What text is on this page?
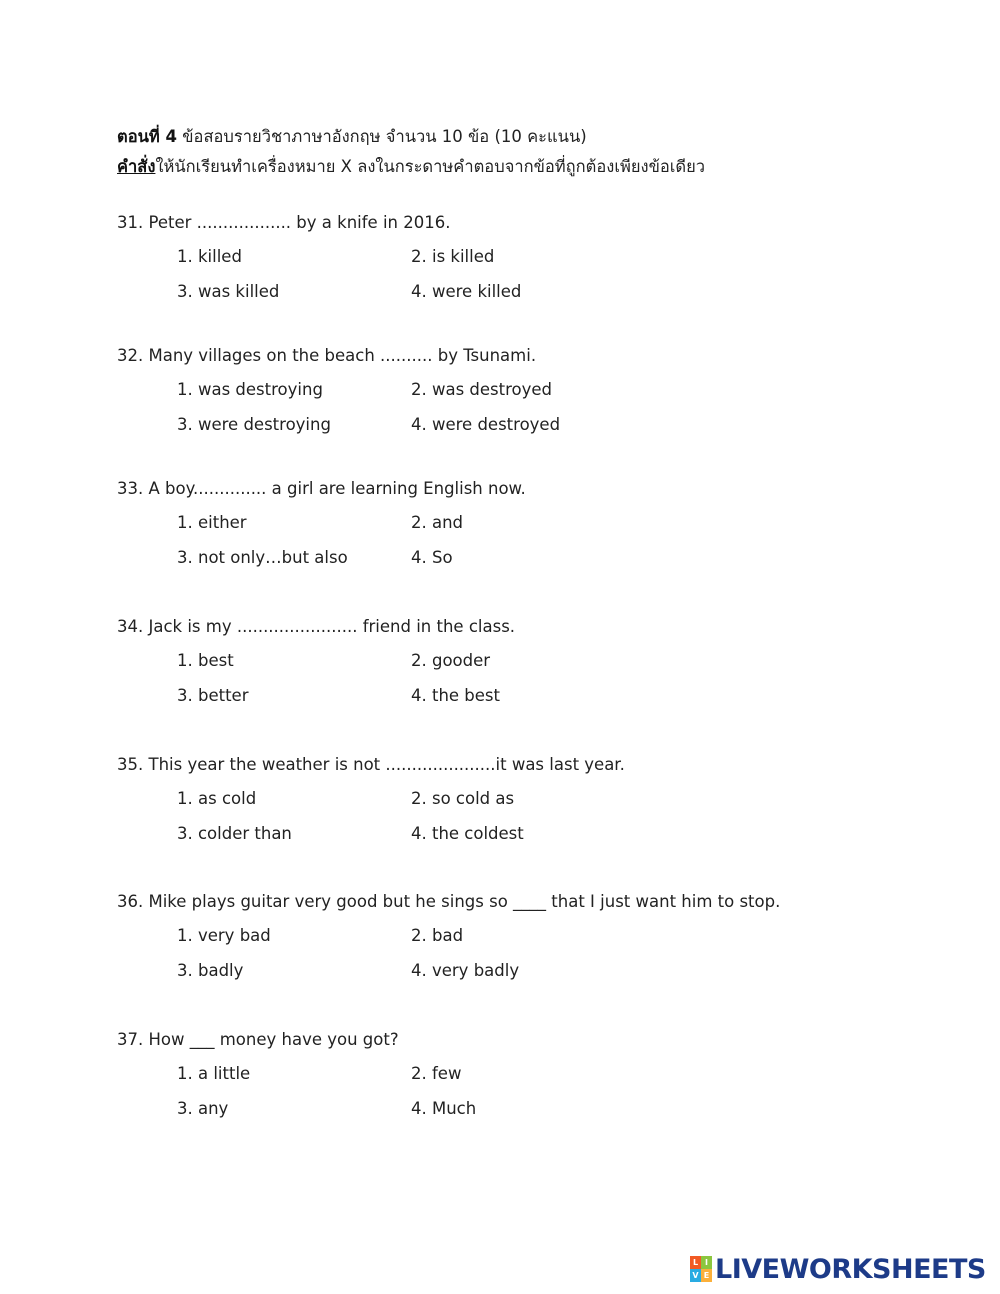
ตอนที่ 4 ข้อสอบรายวิชาภาษาอังกฤษ จำนวน 10 ข้อ (10 คะแนน)
คำสั่งให้นักเรียนทำเครื่องหมาย X ลงในกระดาษคำตอบจากข้อที่ถูกต้องเพียงข้อเดียว
31. Peter .................. by a knife in 2016.
1. killed	2. is killed
3. was killed	4. were killed
32. Many villages on the beach .......... by Tsunami.
1. was destroying	2. was destroyed
3. were destroying	4. were destroyed
33. A boy.............. a girl are learning English now.
1. either	2. and
3. not only…but also	4. So
34. Jack is my ....................... friend in the class.
1. best	2. gooder
3. better	4. the best
35. This year the weather is not .....................it was last year.
1. as cold	2. so cold as
3. colder than	4. the coldest
36. Mike plays guitar very good but he sings so ____ that I just want him to stop.
1. very bad	2. bad
3. badly	4. very badly
37. How ___ money have you got?
1. a little	2. few
3. any	4. Much
L I
V E LIVEWORKSHEETS
